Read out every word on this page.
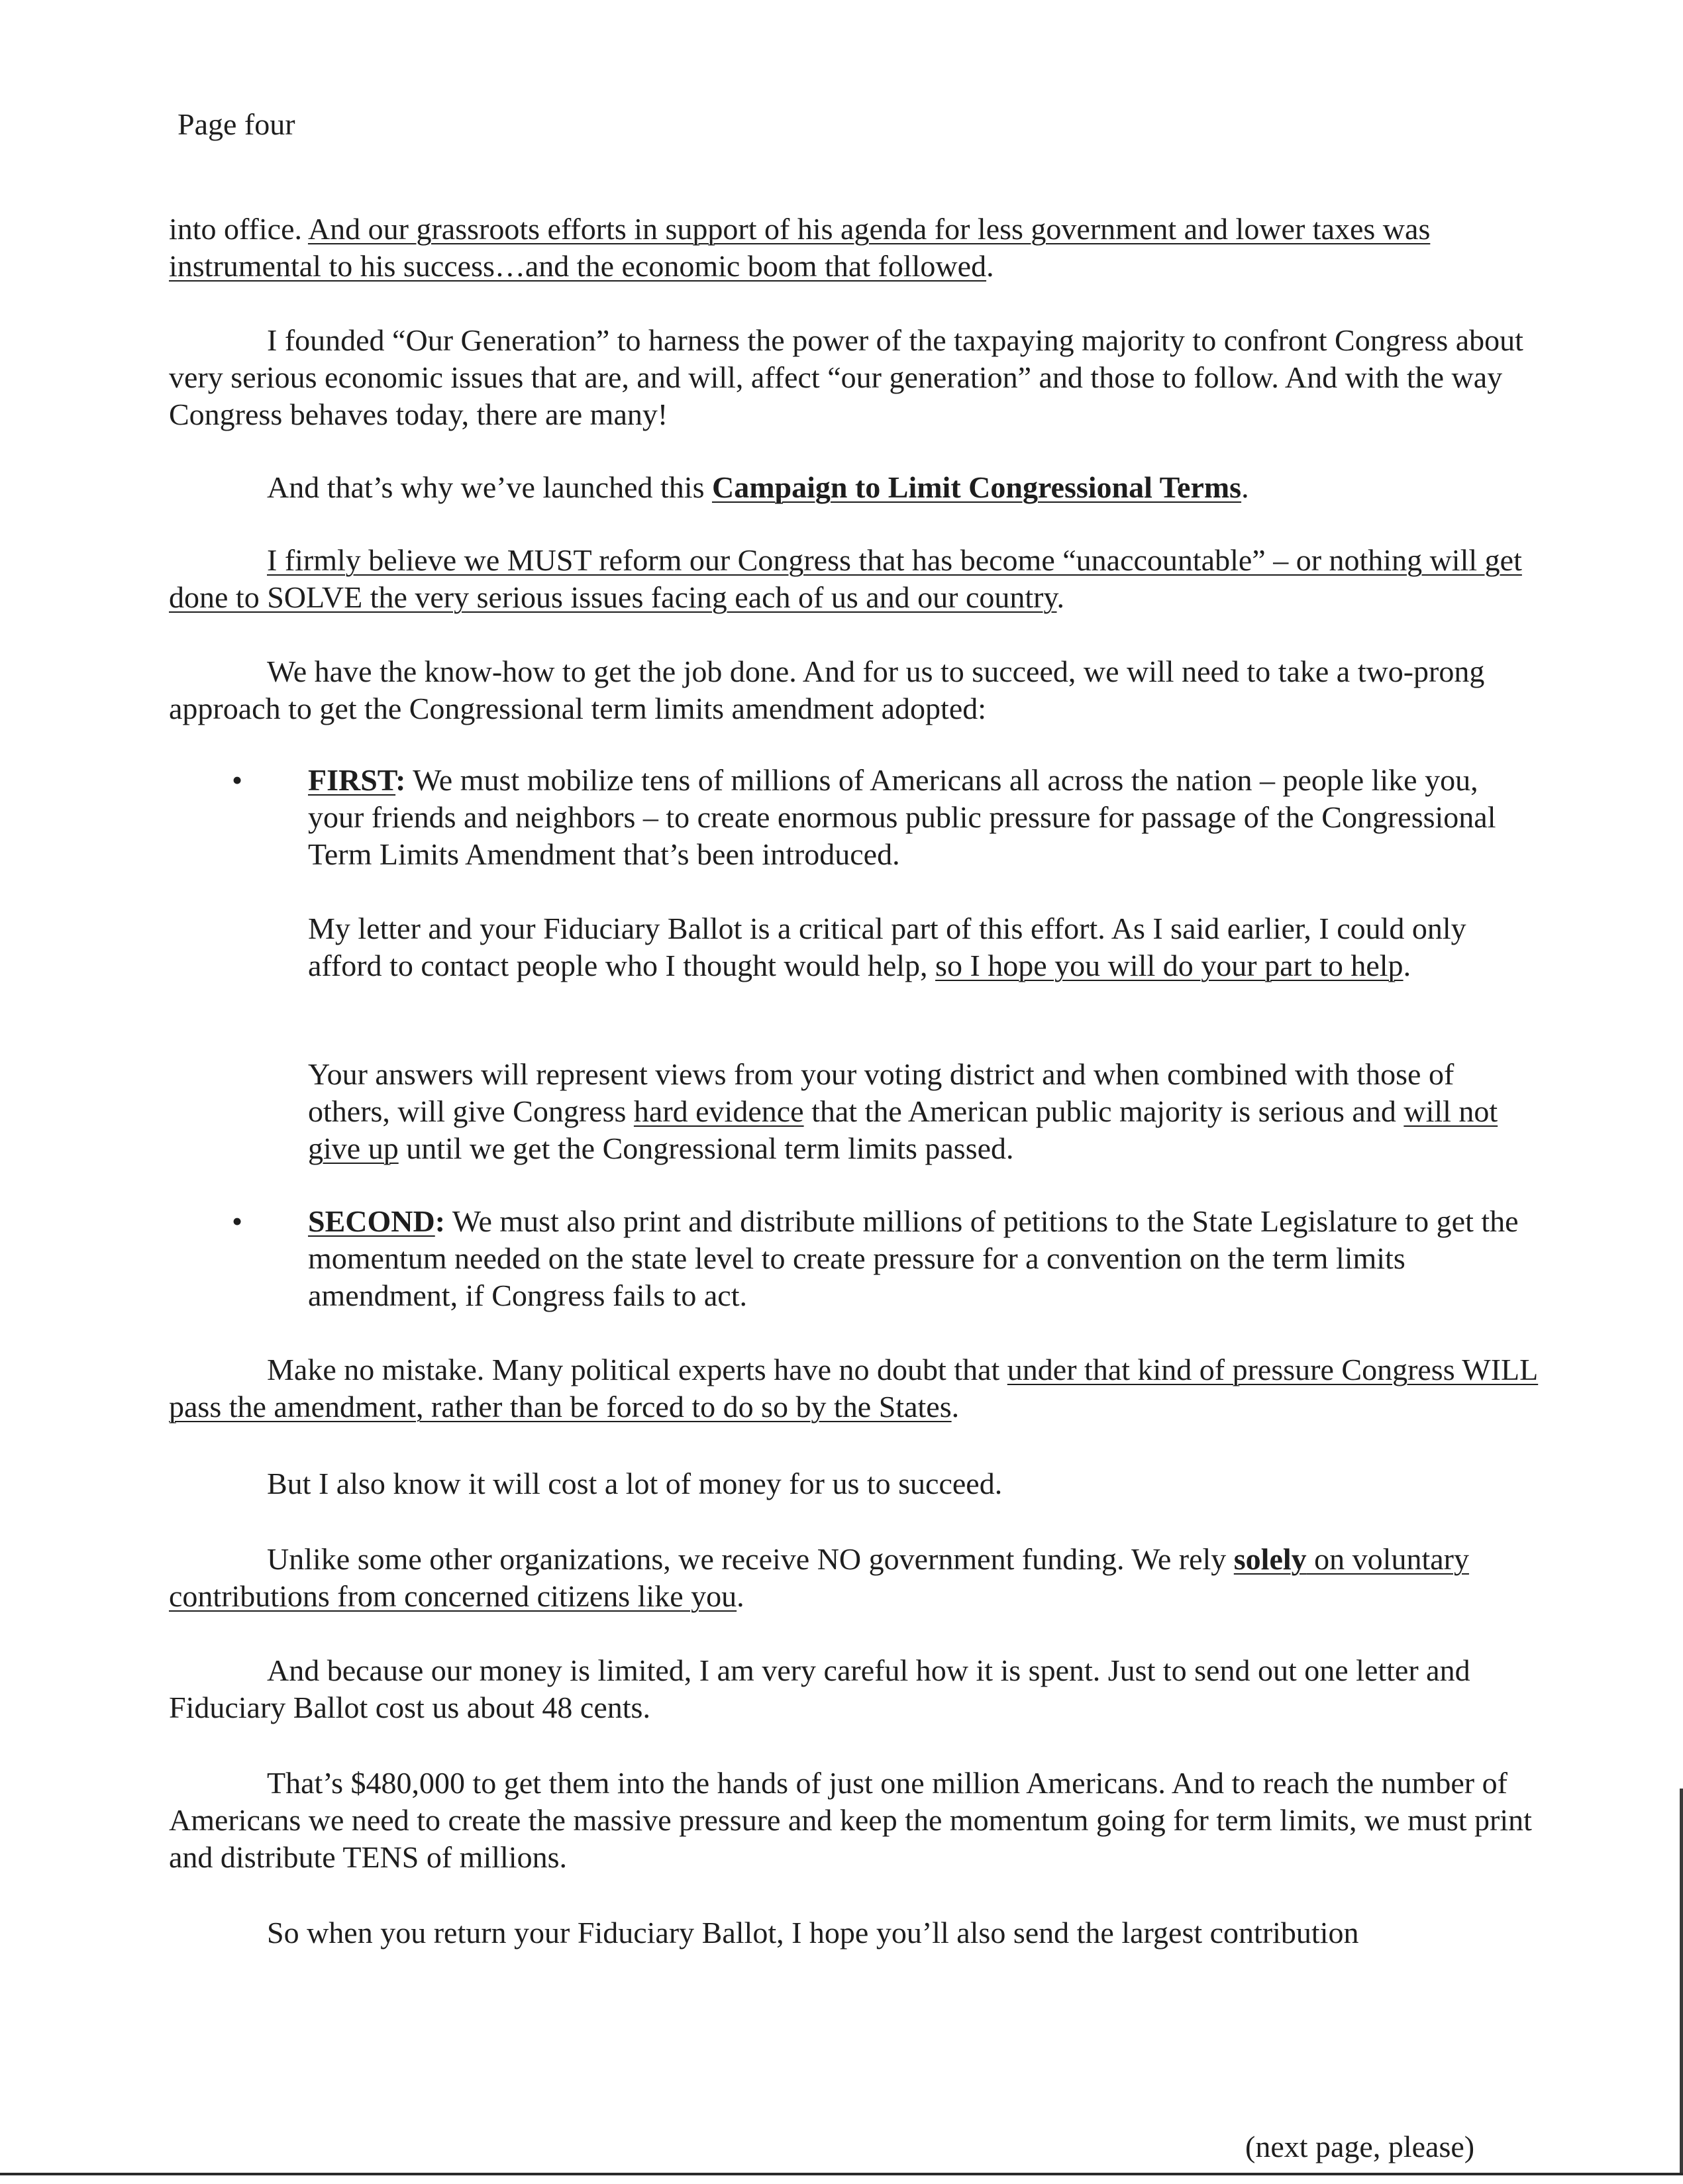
Page four

into office. And our grassroots efforts in support of his agenda for less government and lower taxes was instrumental to his success…and the economic boom that followed.

I founded “Our Generation” to harness the power of the taxpaying majority to confront Congress about very serious economic issues that are, and will, affect “our generation” and those to follow. And with the way Congress behaves today, there are many!

And that’s why we’ve launched this Campaign to Limit Congressional Terms.

I firmly believe we MUST reform our Congress that has become “unaccountable” – or nothing will get done to SOLVE the very serious issues facing each of us and our country.

We have the know-how to get the job done. And for us to succeed, we will need to take a two-prong approach to get the Congressional term limits amendment adopted:

• FIRST: We must mobilize tens of millions of Americans all across the nation – people like you, your friends and neighbors – to create enormous public pressure for passage of the Congressional Term Limits Amendment that’s been introduced.

My letter and your Fiduciary Ballot is a critical part of this effort. As I said earlier, I could only afford to contact people who I thought would help, so I hope you will do your part to help.

Your answers will represent views from your voting district and when combined with those of others, will give Congress hard evidence that the American public majority is serious and will not give up until we get the Congressional term limits passed.

• SECOND: We must also print and distribute millions of petitions to the State Legislature to get the momentum needed on the state level to create pressure for a convention on the term limits amendment, if Congress fails to act.

Make no mistake. Many political experts have no doubt that under that kind of pressure Congress WILL pass the amendment, rather than be forced to do so by the States.

But I also know it will cost a lot of money for us to succeed.

Unlike some other organizations, we receive NO government funding. We rely solely on voluntary contributions from concerned citizens like you.

And because our money is limited, I am very careful how it is spent. Just to send out one letter and Fiduciary Ballot cost us about 48 cents.

That’s $480,000 to get them into the hands of just one million Americans. And to reach the number of Americans we need to create the massive pressure and keep the momentum going for term limits, we must print and distribute TENS of millions.

So when you return your Fiduciary Ballot, I hope you’ll also send the largest contribution

(next page, please)
